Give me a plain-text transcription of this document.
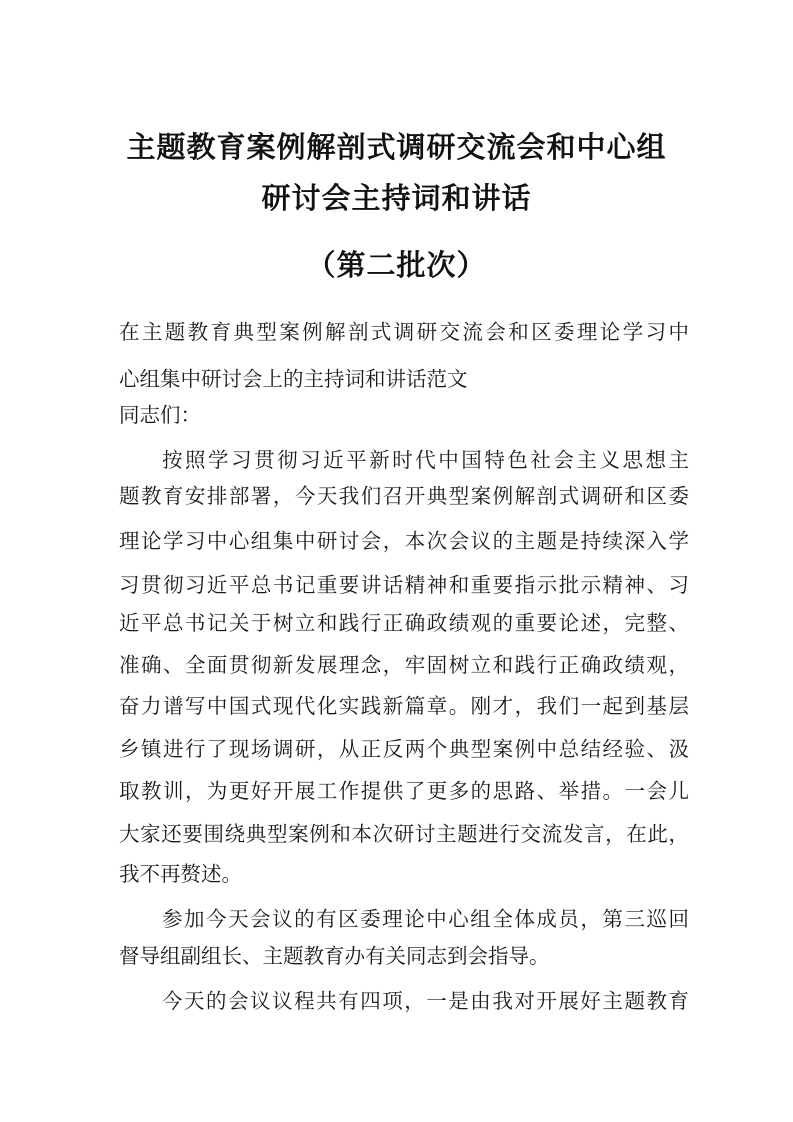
主题教育案例解剖式调研交流会和中心组
研讨会主持词和讲话
（第二批次）
在主题教育典型案例解剖式调研交流会和区委理论学习中
心组集中研讨会上的主持词和讲话范文
同志们：
按照学习贯彻习近平新时代中国特色社会主义思想主
题教育安排部署，今天我们召开典型案例解剖式调研和区委
理论学习中心组集中研讨会，本次会议的主题是持续深入学
习贯彻习近平总书记重要讲话精神和重要指示批示精神、习
近平总书记关于树立和践行正确政绩观的重要论述，完整、
准确、全面贯彻新发展理念，牢固树立和践行正确政绩观，
奋力谱写中国式现代化实践新篇章。刚才，我们一起到基层
乡镇进行了现场调研，从正反两个典型案例中总结经验、汲
取教训，为更好开展工作提供了更多的思路、举措。一会儿
大家还要围绕典型案例和本次研讨主题进行交流发言，在此，
我不再赘述。
参加今天会议的有区委理论中心组全体成员，第三巡回
督导组副组长、主题教育办有关同志到会指导。
今天的会议议程共有四项，一是由我对开展好主题教育
